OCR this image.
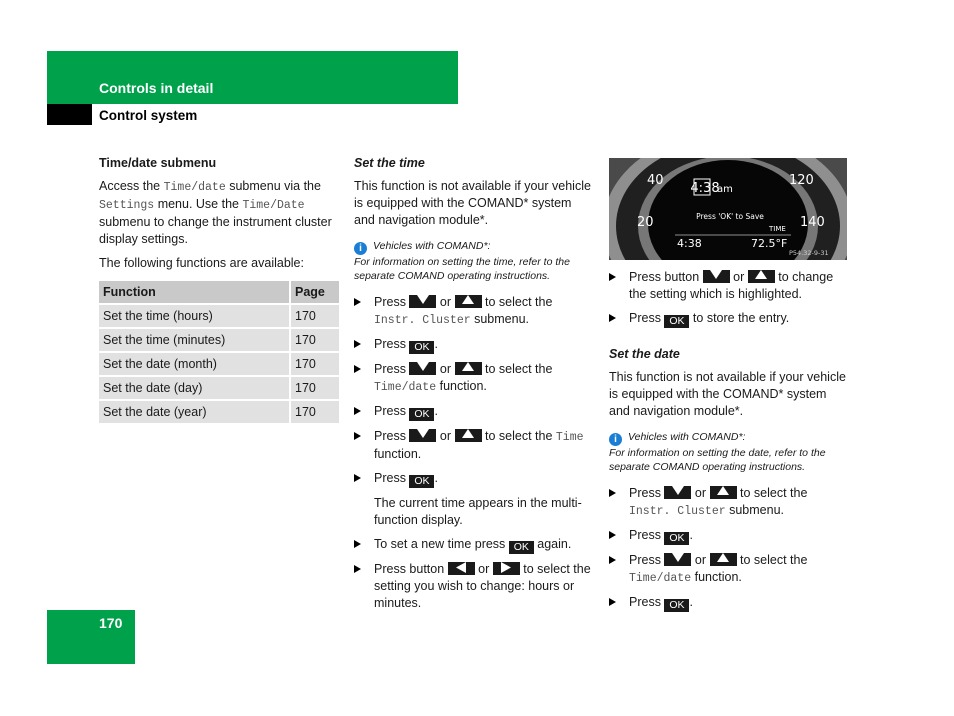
Controls in detail
Control system
Time/date submenu

Access the Time/date submenu via the Settings menu. Use the Time/Date submenu to change the instrument cluster display settings.

The following functions are available:

Function	Page
Set the time (hours)	170
Set the time (minutes)	170
Set the date (month)	170
Set the date (day)	170
Set the date (year)	170
Set the time

This function is not available if your vehicle is equipped with the COMAND* system and navigation module*.

i Vehicles with COMAND*:
For information on setting the time, refer to the separate COMAND operating instructions.
Press	or	to select the Instr. Cluster submenu.
Press OK .
Press	or	to select the
Time/date function.
Press OK .
Press	or	to select the Time
function.
Press OK .

The current time appears in the multi-function display.

To set a new time press OK again.
Press button	or	to select the setting you wish to change: hours or minutes.
40	120
20	140
4:38
am
Press 'OK' to Save
TIME
4:38	72.5°F
P54.32-9-31
Press button	or	to change the setting which is highlighted.
Press OK to store the entry.
Set the date

This function is not available if your vehicle is equipped with the COMAND* system and navigation module*.

i Vehicles with COMAND*:
For information on setting the date, refer to the separate COMAND operating instructions.
Press	or	to select the
Instr. Cluster submenu.
Press OK .
Press	or	to select the
Time/date function.
Press OK .
170
